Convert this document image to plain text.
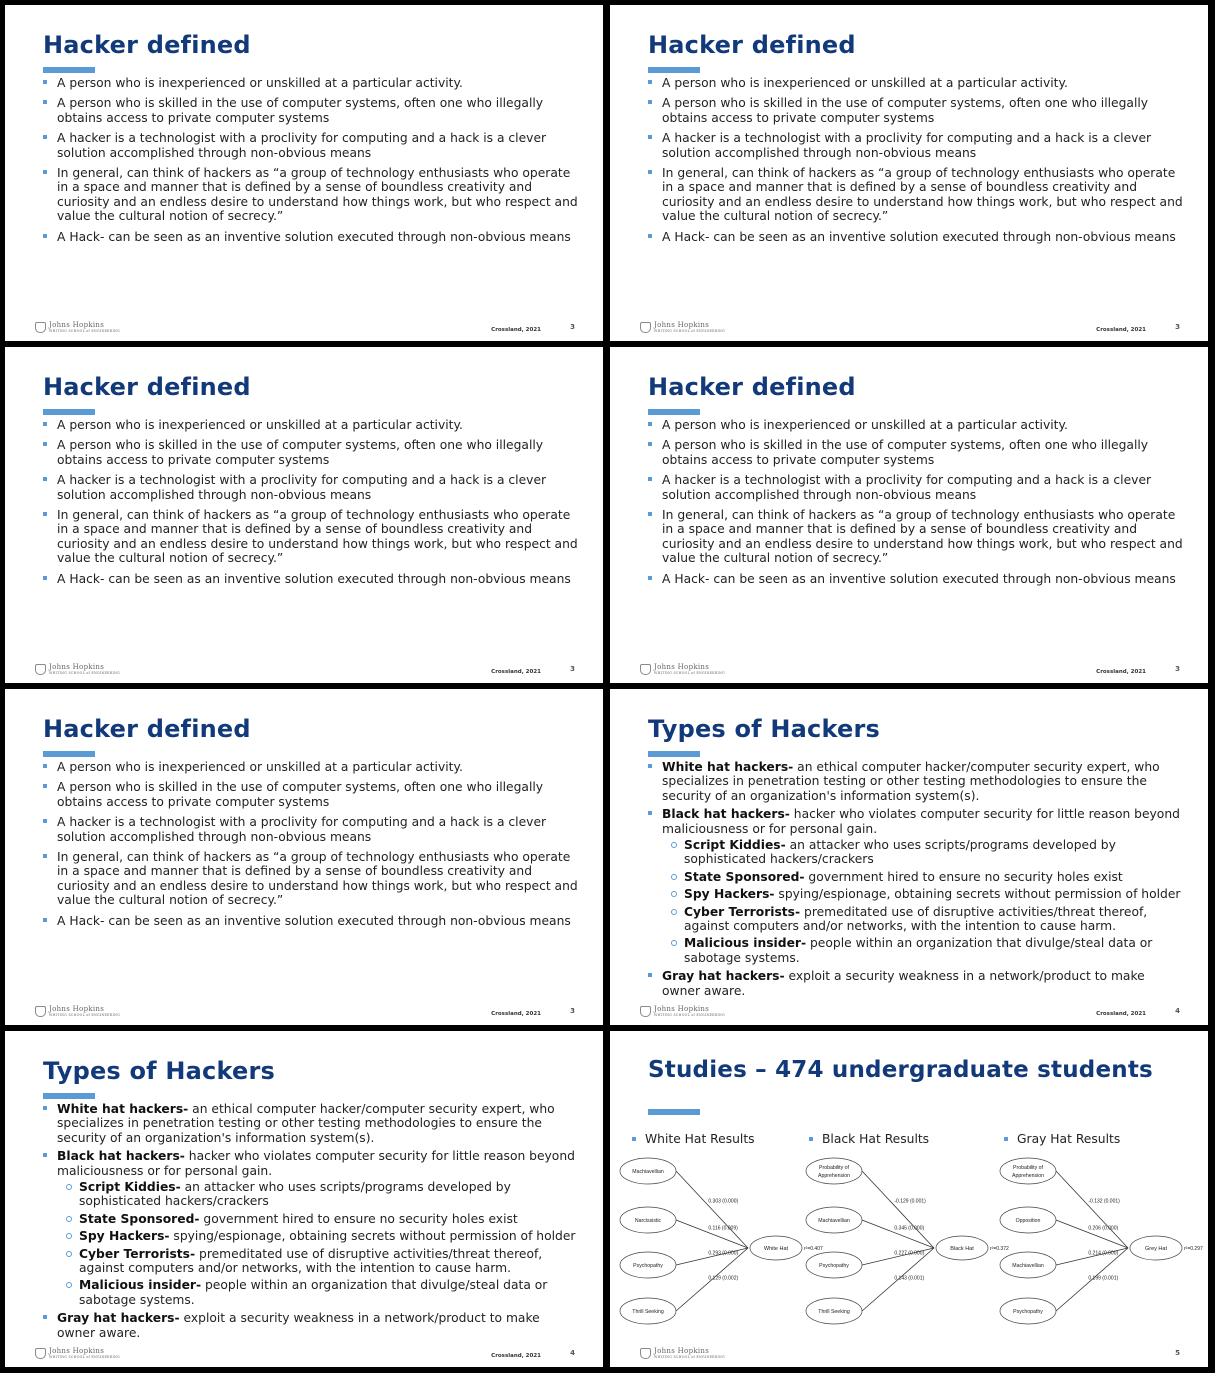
Hacker defined
A person who is inexperienced or unskilled at a particular activity.
A person who is skilled in the use of computer systems, often one who illegally obtains access to private computer systems
A hacker is a technologist with a proclivity for computing and a hack is a clever solution accomplished through non-obvious means
In general, can think of hackers as “a group of technology enthusiasts who operate in a space and manner that is defined by a sense of boundless creativity and curiosity and an endless desire to understand how things work, but who respect and value the cultural notion of secrecy.”
A Hack- can be seen as an inventive solution executed through non-obvious means
Johns Hopkins
WHITING SCHOOL of ENGINEERING	Crossland, 2021	3
Hacker defined
A person who is inexperienced or unskilled at a particular activity.
A person who is skilled in the use of computer systems, often one who illegally obtains access to private computer systems
A hacker is a technologist with a proclivity for computing and a hack is a clever solution accomplished through non-obvious means
In general, can think of hackers as “a group of technology enthusiasts who operate in a space and manner that is defined by a sense of boundless creativity and curiosity and an endless desire to understand how things work, but who respect and value the cultural notion of secrecy.”
A Hack- can be seen as an inventive solution executed through non-obvious means
Johns Hopkins
WHITING SCHOOL of ENGINEERING	Crossland, 2021	3
Hacker defined
A person who is inexperienced or unskilled at a particular activity.
A person who is skilled in the use of computer systems, often one who illegally obtains access to private computer systems
A hacker is a technologist with a proclivity for computing and a hack is a clever solution accomplished through non-obvious means
In general, can think of hackers as “a group of technology enthusiasts who operate in a space and manner that is defined by a sense of boundless creativity and curiosity and an endless desire to understand how things work, but who respect and value the cultural notion of secrecy.”
A Hack- can be seen as an inventive solution executed through non-obvious means
Johns Hopkins
WHITING SCHOOL of ENGINEERING	Crossland, 2021	3
Hacker defined
A person who is inexperienced or unskilled at a particular activity.
A person who is skilled in the use of computer systems, often one who illegally obtains access to private computer systems
A hacker is a technologist with a proclivity for computing and a hack is a clever solution accomplished through non-obvious means
In general, can think of hackers as “a group of technology enthusiasts who operate in a space and manner that is defined by a sense of boundless creativity and curiosity and an endless desire to understand how things work, but who respect and value the cultural notion of secrecy.”
A Hack- can be seen as an inventive solution executed through non-obvious means
Johns Hopkins
WHITING SCHOOL of ENGINEERING	Crossland, 2021	3
Hacker defined
A person who is inexperienced or unskilled at a particular activity.
A person who is skilled in the use of computer systems, often one who illegally obtains access to private computer systems
A hacker is a technologist with a proclivity for computing and a hack is a clever solution accomplished through non-obvious means
In general, can think of hackers as “a group of technology enthusiasts who operate in a space and manner that is defined by a sense of boundless creativity and curiosity and an endless desire to understand how things work, but who respect and value the cultural notion of secrecy.”
A Hack- can be seen as an inventive solution executed through non-obvious means
Johns Hopkins
WHITING SCHOOL of ENGINEERING	Crossland, 2021	3
Types of Hackers
White hat hackers- an ethical computer hacker/computer security expert, who specializes in penetration testing or other testing methodologies to ensure the security of an organization's information system(s).
Black hat hackers- hacker who violates computer security for little reason beyond maliciousness or for personal gain.
Script Kiddies- an attacker who uses scripts/programs developed by sophisticated hackers/crackers
State Sponsored- government hired to ensure no security holes exist
Spy Hackers- spying/espionage, obtaining secrets without permission of holder
Cyber Terrorists- premeditated use of disruptive activities/threat thereof, against computers and/or networks, with the intention to cause harm.
Malicious insider- people within an organization that divulge/steal data or sabotage systems.
Gray hat hackers- exploit a security weakness in a network/product to make owner aware.
Johns Hopkins
WHITING SCHOOL of ENGINEERING	Crossland, 2021	4
Types of Hackers
White hat hackers- an ethical computer hacker/computer security expert, who specializes in penetration testing or other testing methodologies to ensure the security of an organization's information system(s).
Black hat hackers- hacker who violates computer security for little reason beyond maliciousness or for personal gain.
Script Kiddies- an attacker who uses scripts/programs developed by sophisticated hackers/crackers
State Sponsored- government hired to ensure no security holes exist
Spy Hackers- spying/espionage, obtaining secrets without permission of holder
Cyber Terrorists- premeditated use of disruptive activities/threat thereof, against computers and/or networks, with the intention to cause harm.
Malicious insider- people within an organization that divulge/steal data or sabotage systems.
Gray hat hackers- exploit a security weakness in a network/product to make owner aware.
Johns Hopkins
WHITING SCHOOL of ENGINEERING	Crossland, 2021	4
Studies – 474 undergraduate students
White Hat Results	Black Hat Results	Gray Hat Results
Machiavellian
0.303 (0.000)
Narcissistic
0.116 (0.009)
Psychopathy
0.293 (0.000)
Thrill Seeking
0.129 (0.002)
White Hat	r²=0.407
Probability of
Apprehension
-0.129 (0.001)
Machiavellian
0.345 (0.000)
Psychopathy
0.227 (0.000)
Thrill Seeking
0.143 (0.001)
Black Hat	r²=0.372
Probability of
Apprehension
-0.132 (0.001)
Opposition
0.206 (0.000)
Machiavellian
0.214 (0.000)
Psychopathy
0.199 (0.001)
Grey Hat	r²=0.297
Johns Hopkins
WHITING SCHOOL of ENGINEERING	5
